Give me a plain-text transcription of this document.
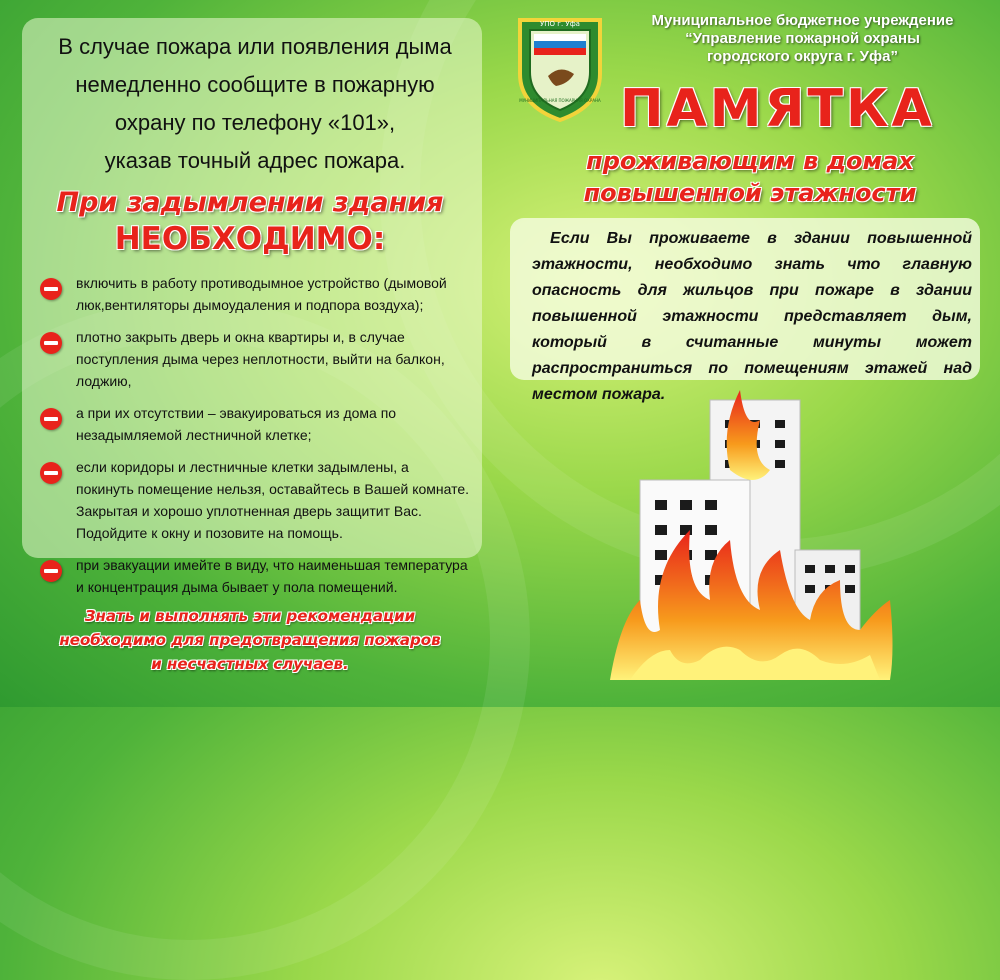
В случае пожара или появления дыма
немедленно сообщите в пожарную
охрану по телефону «101»,
указав точный адрес пожара.
При задымлении здания
НЕОБХОДИМО:
включить в работу противодымное устройство (дымовой люк,вентиляторы дымоудаления и подпора воздуха);
плотно закрыть дверь и окна квартиры и, в случае поступления дыма через неплотности, выйти на балкон, лоджию,
а при их отсутствии – эвакуироваться из дома по незадымляемой лестничной клетке;
если коридоры и лестничные клетки задымлены, а покинуть помещение нельзя, оставайтесь в Вашей комнате. Закрытая и хорошо уплотненная дверь защитит Вас. Подойдите к окну и позовите на помощь.
при эвакуации имейте в виду, что наименьшая температура и концентрация дыма бывает у пола помещений.
Знать и выполнять эти рекомендации
необходимо для предотвращения пожаров
и несчастных случаев.
УПО г. Уфа
МУНИЦИПАЛЬНАЯ ПОЖАРНАЯ ОХРАНА
Муниципальное бюджетное учреждение
“Управление пожарной охраны
городского округа г. Уфа”
ПАМЯТКА
проживающим в домах
повышенной этажности

Если Вы проживаете в здании повышенной этажности, необходимо знать что главную опасность для жильцов при пожаре в здании повышенной этажности представляет дым, который в считанные минуты может распространиться по помещениям этажей над местом пожара.
